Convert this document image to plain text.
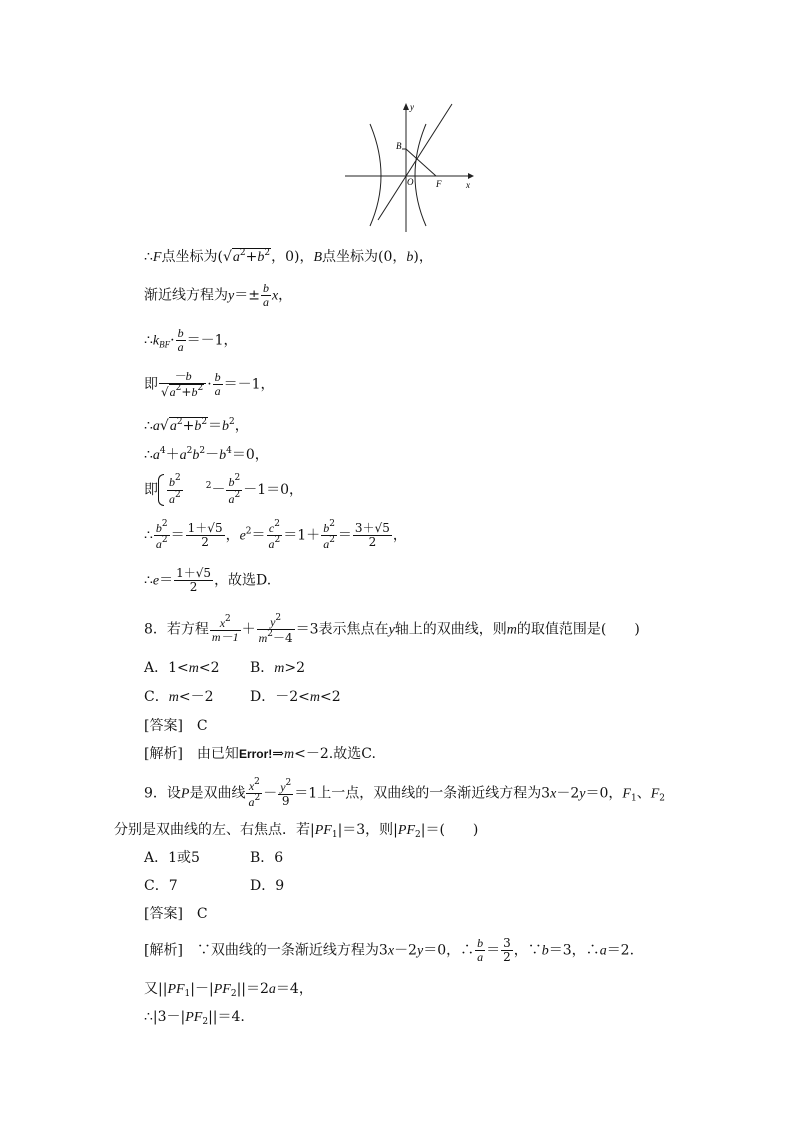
y
x
O
B
F
∴F点坐标为($√a^2+b^2$，0)，B点坐标为(0，b)，
渐近线方程为$y=\pm \frac{b}{a}$ x，
$\therefore k_{BF}\cdot \frac{b}{a} =-1$，
即 $\frac{-b}{√a^2+b^2} \cdot \frac{b}{a} =-1$，
$\therefore a√a^2+b^2=b^2$，
$\therefore a^4+a^2b^2-b^4=0$，
即 $\frac{b^2}{a^2}$	$^2- \frac{b^2}{a^2} -1=0$，
∴ $\frac{b^2}{a^2} = \frac{1+√5}{2}$ ，$e^2= \frac{c^2}{a^2} =1+ \frac{b^2}{a^2} = \frac{3+√5}{2}$ ，
∴e＝ $\frac{1+√5}{2}$ ，故选D.
8．若方程 $\frac{x^2}{m-1} + \frac{y^2}{m^2-4} =3$表示焦点在y轴上的双曲线，则m的取值范围是(　　)
A．1<m<2 B．m>2
C．m<－2	D．－2<m<2
[答案]　C
[解析]　由已知Error!⇒m<－2.故选C.
9．设P是双曲线 $\frac{x^2}{a^2} - \frac{y^2}{9} =1$上一点，双曲线的一条渐近线方程为3x－2y＝0，$F_1$、$F_2$
分别是双曲线的左、右焦点．若$|PF_1|=3$，则$|PF_2|=$(　　)
A．1或5	B．6
C．7	D．9
[答案]　C
[解析]　∵双曲线的一条渐近线方程为3x－2y＝0，∴ $\frac{b}{a} = \frac{3}{2}$ ，∵b＝3，∴a＝2.
又$||PF_1|-|PF_2||=2a=4$，
$\therefore|3-|PF_2||=4$.
